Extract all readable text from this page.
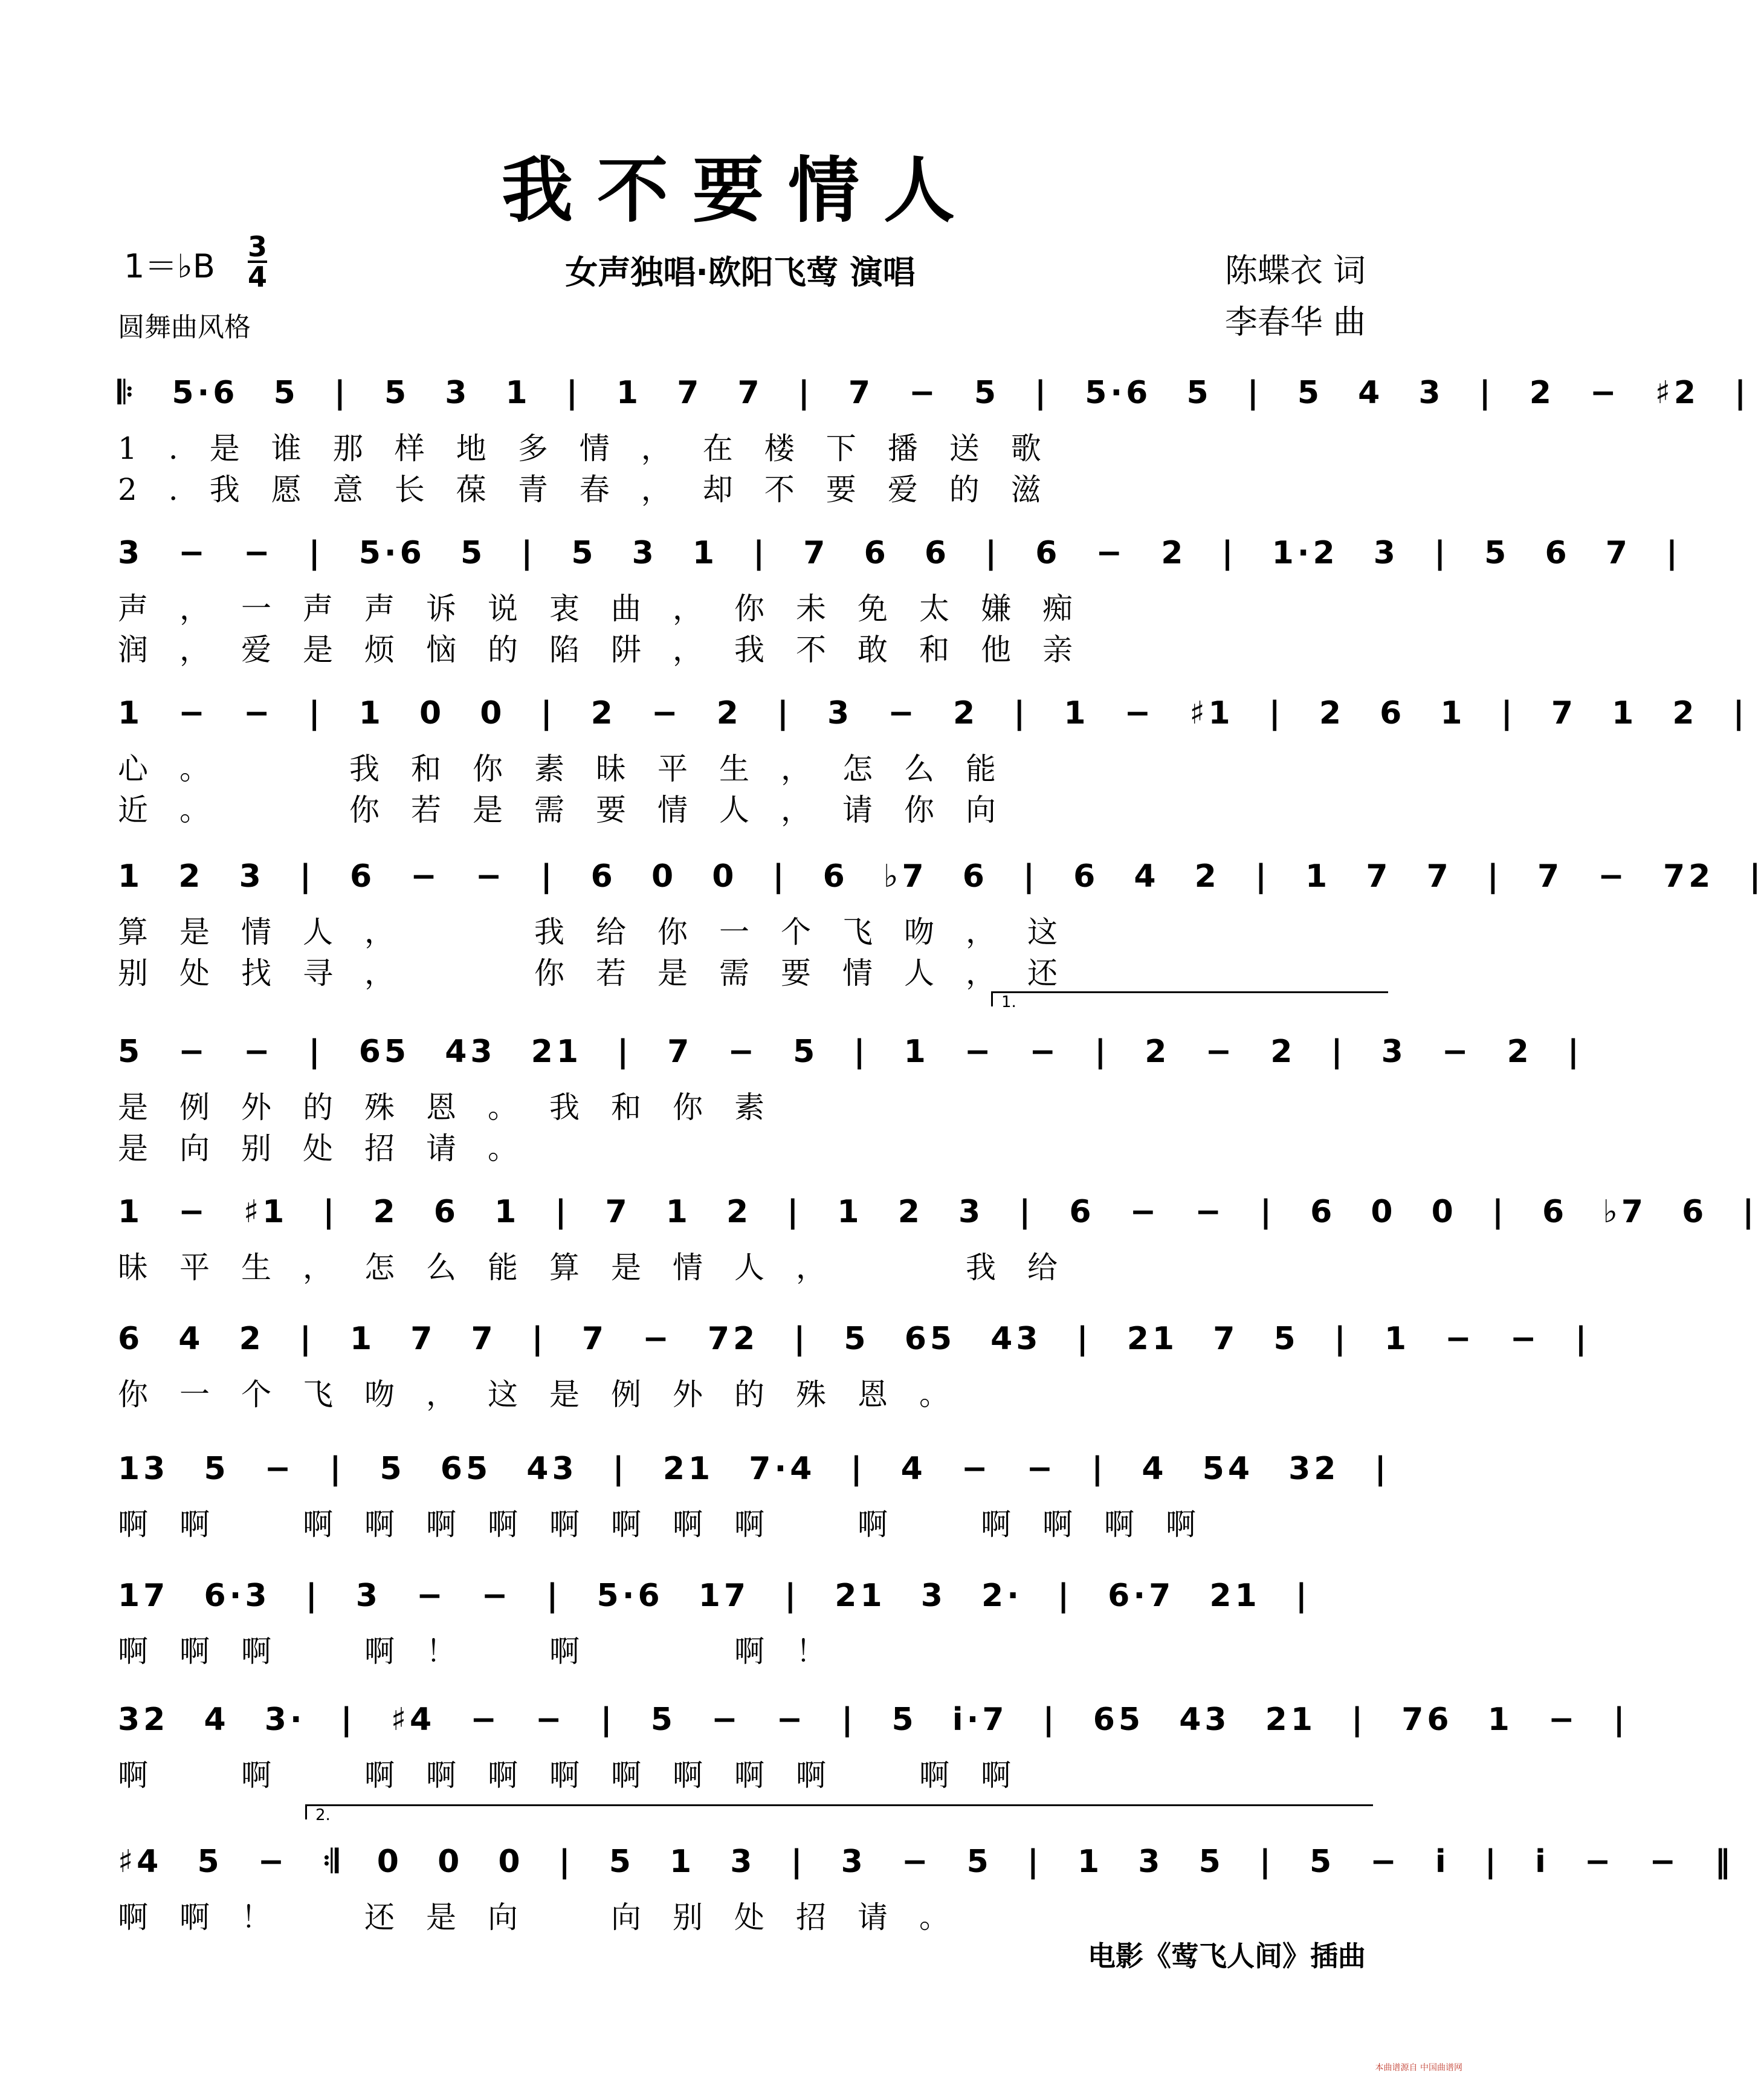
我不要情人
1＝♭B
3
4	女声独唱·欧阳飞莺 演唱	陈蝶衣 词
李春华 曲
圆舞曲风格
𝄆 5·6 5 | 5 3 1 | 1 7 7 | 7 − 5 | 5·6 5 | 5 4 3 | 2 − ♯2 |
1.是谁那样地多情，在楼下播送歌
2.我愿意长葆青春，却不要爱的滋
3 − − | 5·6 5 | 5 3 1 | 7 6 6 | 6 − 2 | 1·2 3 | 5 6 7 |
声，一声声诉说衷曲，你未免太嫌痴
润，爱是烦恼的陷阱，我不敢和他亲
1 − − | 1 0 0 | 2 − 2 | 3 − 2 | 1 − ♯1 | 2 6 1 | 7 1 2 |
心。　　我和你素昧平生，怎么能
近。　　你若是需要情人，请你向
1 2 3 | 6 − − | 6 0 0 | 6 ♭7 6 | 6 4 2 | 1 7 7 | 7 − 72 |
算是情人，　　我给你一个飞吻，这
别处找寻，　　你若是需要情人，还
1.
5 − − | 65 43 21 | 7 − 5 | 1 − − | 2 − 2 | 3 − 2 |
是例外的殊恩。我和你素
是向别处招请。
1 − ♯1 | 2 6 1 | 7 1 2 | 1 2 3 | 6 − − | 6 0 0 | 6 ♭7 6 |
昧平生，怎么能算是情人，　　我给
6 4 2 | 1 7 7 | 7 − 72 | 5 65 43 | 21 7 5 | 1 − − |
你一个飞吻，这是例外的殊恩。
13 5 − | 5 65 43 | 21 7·4 | 4 − − | 4 54 32 |
啊啊　啊啊啊啊啊啊啊啊　啊　啊啊啊啊
17 6·3 | 3 − − | 5·6 17 | 21 3 2· | 6·7 21 |
啊啊啊　啊！　啊　　啊！
32 4 3· | ♯4 − − | 5 − − | 5 i·7 | 65 43 21 | 76 1 − |
啊　啊　啊啊啊啊啊啊啊啊　啊啊
2.
♯4 5 − 𝄇 0 0 0 | 5 1 3 | 3 − 5 | 1 3 5 | 5 − i | i − − ‖
啊啊！　还是向　向别处招请。
电影《莺飞人间》插曲
本曲谱源自 中国曲谱网
